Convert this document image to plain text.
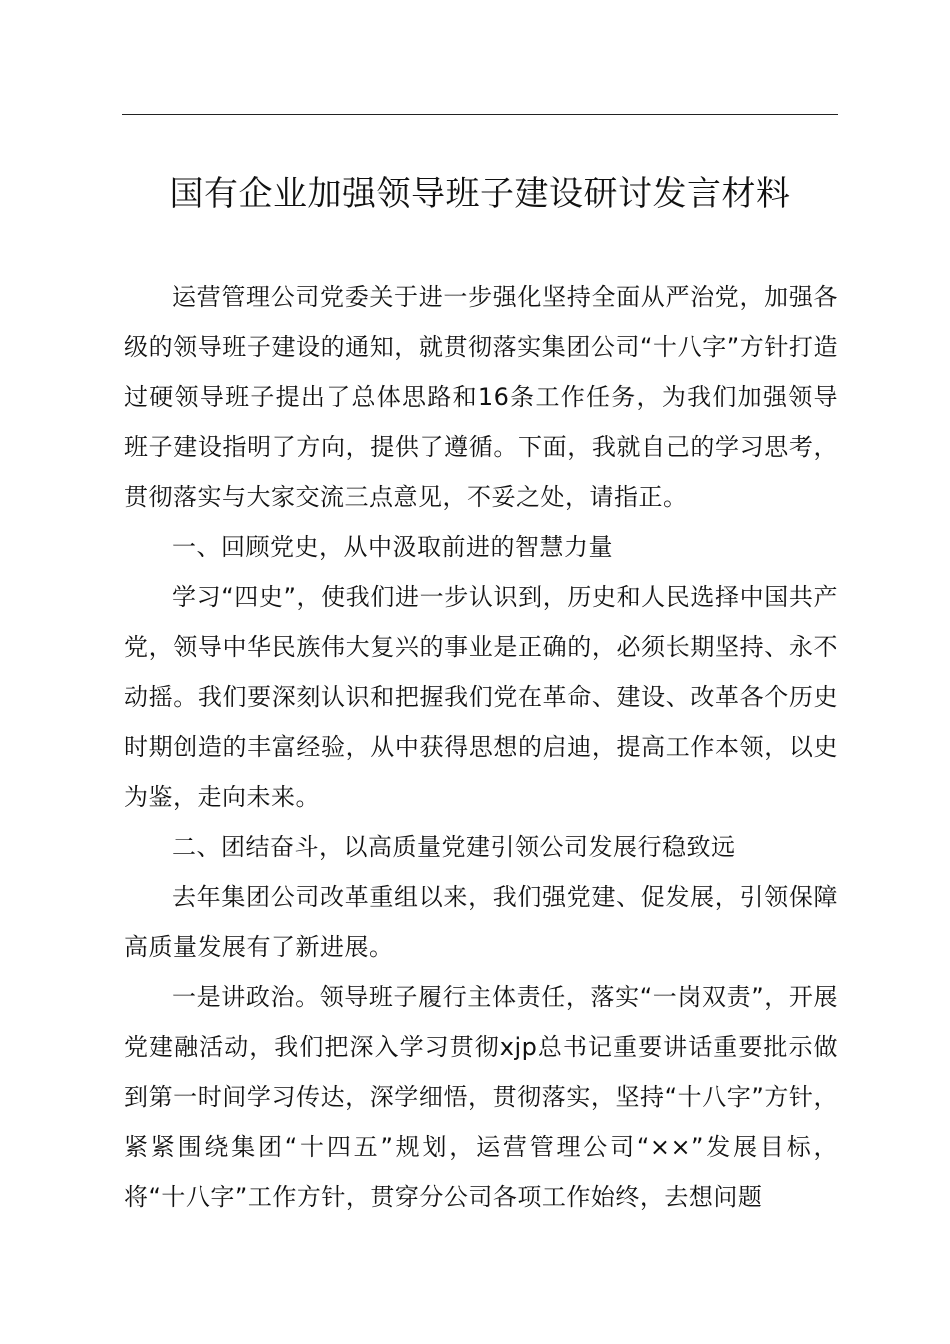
国有企业加强领导班子建设研讨发言材料

运营管理公司党委关于进一步强化坚持全面从严治党，加强各级的领导班子建设的通知，就贯彻落实集团公司“十八字”方针打造过硬领导班子提出了总体思路和16条工作任务，为我们加强领导班子建设指明了方向，提供了遵循。下面，我就自己的学习思考，贯彻落实与大家交流三点意见，不妥之处，请指正。

一、回顾党史，从中汲取前进的智慧力量

学习“四史”，使我们进一步认识到，历史和人民选择中国共产党，领导中华民族伟大复兴的事业是正确的，必须长期坚持、永不动摇。我们要深刻认识和把握我们党在革命、建设、改革各个历史时期创造的丰富经验，从中获得思想的启迪，提高工作本领，以史为鉴，走向未来。

二、团结奋斗，以高质量党建引领公司发展行稳致远

去年集团公司改革重组以来，我们强党建、促发展，引领保障高质量发展有了新进展。

一是讲政治。领导班子履行主体责任，落实“一岗双责”，开展党建融活动，我们把深入学习贯彻xjp总书记重要讲话重要批示做到第一时间学习传达，深学细悟，贯彻落实，坚持“十八字”方针，紧紧围绕集团“十四五”规划，运营管理公司“××”发展目标，将“十八字”工作方针，贯穿分公司各项工作始终，去想问题
